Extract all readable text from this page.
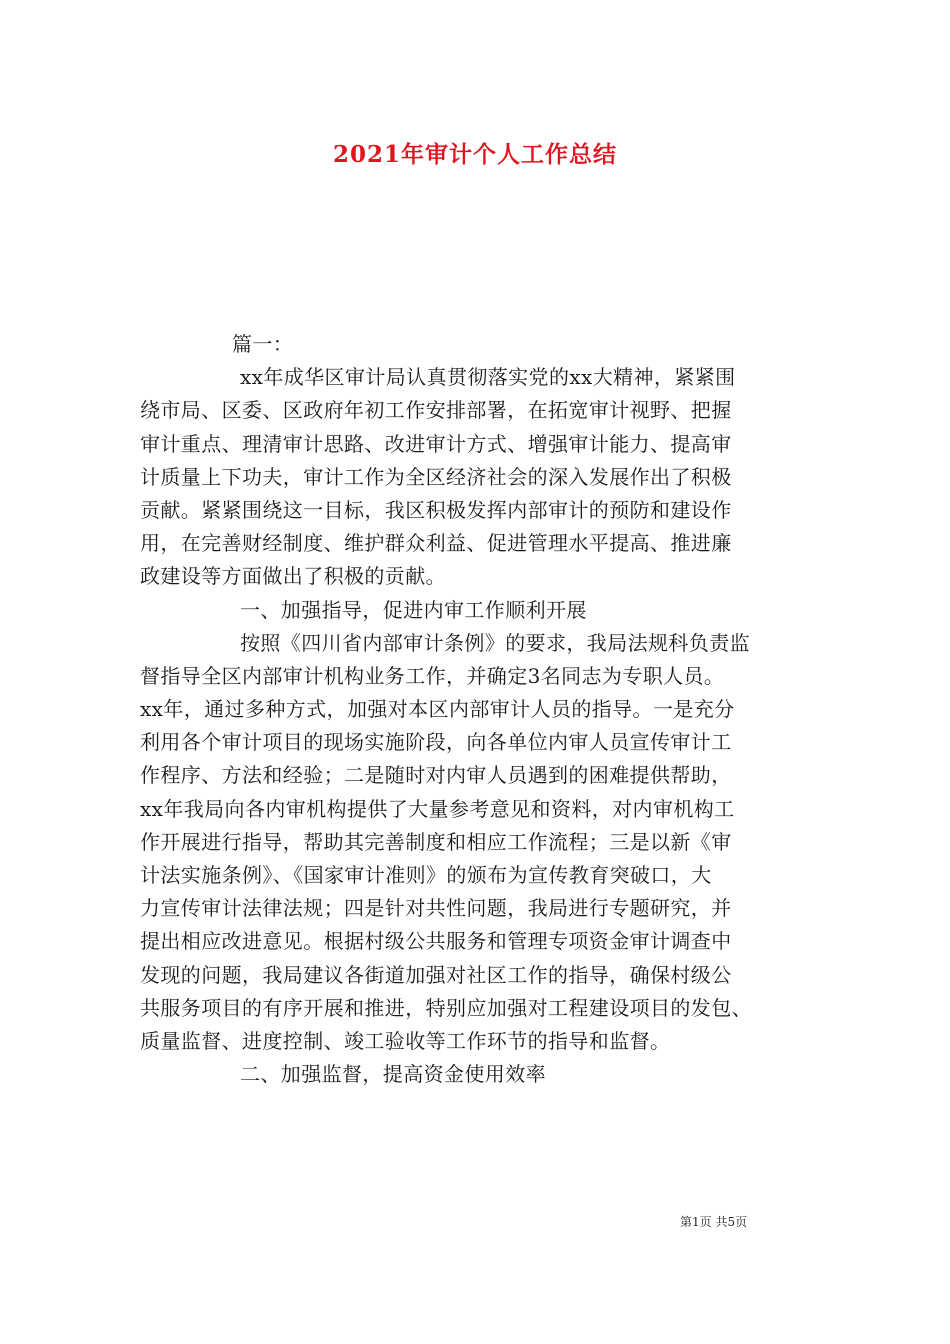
2021年审计个人工作总结
篇一：
xx年成华区审计局认真贯彻落实党的xx大精神，紧紧围
绕市局、区委、区政府年初工作安排部署，在拓宽审计视野、把握
审计重点、理清审计思路、改进审计方式、增强审计能力、提高审
计质量上下功夫，审计工作为全区经济社会的深入发展作出了积极
贡献。紧紧围绕这一目标，我区积极发挥内部审计的预防和建设作
用，在完善财经制度、维护群众利益、促进管理水平提高、推进廉
政建设等方面做出了积极的贡献。
一、加强指导，促进内审工作顺利开展
按照《四川省内部审计条例》的要求，我局法规科负责监
督指导全区内部审计机构业务工作，并确定3名同志为专职人员。
xx年，通过多种方式，加强对本区内部审计人员的指导。一是充分
利用各个审计项目的现场实施阶段，向各单位内审人员宣传审计工
作程序、方法和经验；二是随时对内审人员遇到的困难提供帮助，
xx年我局向各内审机构提供了大量参考意见和资料，对内审机构工
作开展进行指导，帮助其完善制度和相应工作流程；三是以新《审
计法实施条例》、《国家审计准则》的颁布为宣传教育突破口，大
力宣传审计法律法规；四是针对共性问题，我局进行专题研究，并
提出相应改进意见。根据村级公共服务和管理专项资金审计调查中
发现的问题，我局建议各街道加强对社区工作的指导，确保村级公
共服务项目的有序开展和推进，特别应加强对工程建设项目的发包、
质量监督、进度控制、竣工验收等工作环节的指导和监督。
二、加强监督，提高资金使用效率
第1页 共5页
